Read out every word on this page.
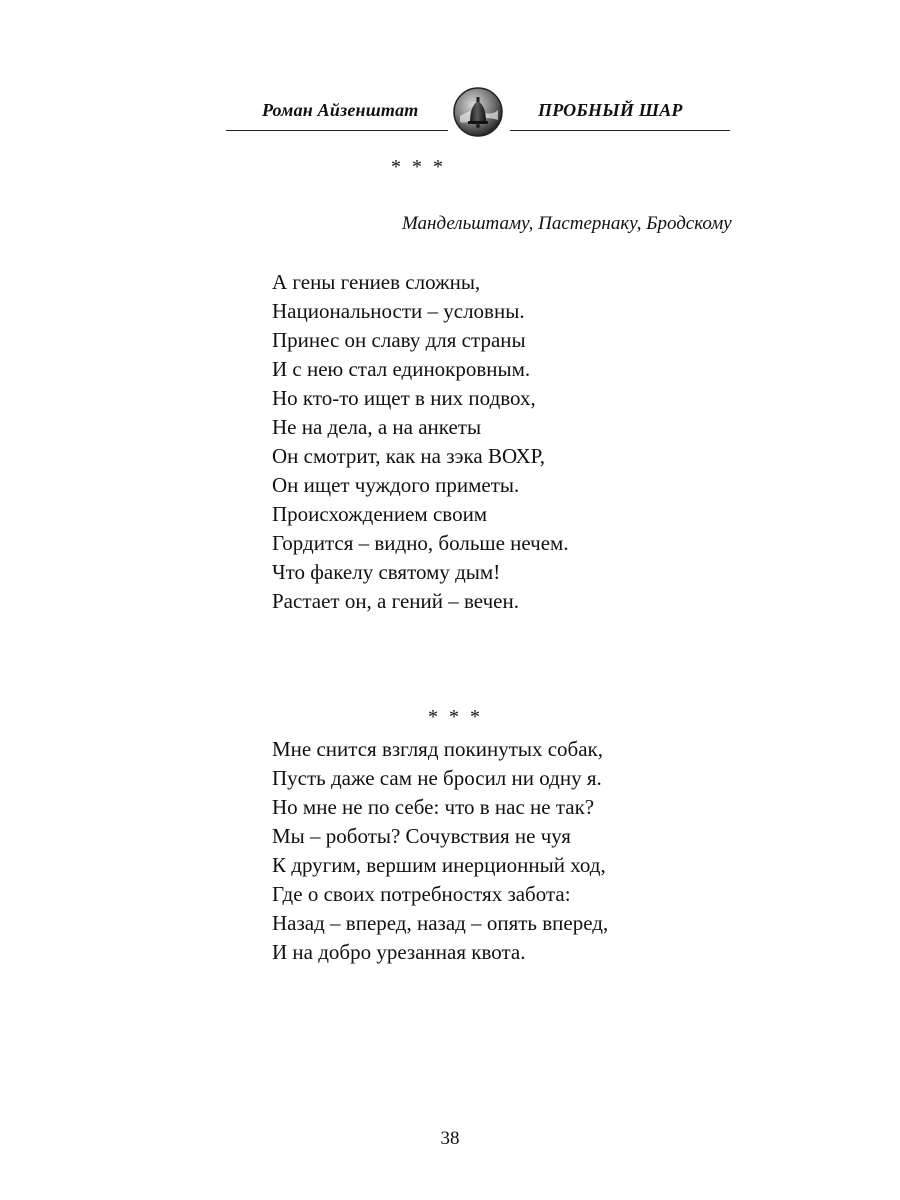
Роман Айзенштат	ПРОБНЫЙ ШАР
* * *
Мандельштаму, Пастернаку, Бродскому
А гены гениев сложны,
Национальности – условны.
Принес он славу для страны
И с нею стал единокровным.
Но кто-то ищет в них подвох,
Не на дела, а на анкеты
Он смотрит, как на зэка ВОХР,
Он ищет чуждого приметы.
Происхождением своим
Гордится – видно, больше нечем.
Что факелу святому дым!
Растает он, а гений – вечен.
* * *
Мне снится взгляд покинутых собак,
Пусть даже сам не бросил ни одну я.
Но мне не по себе: что в нас не так?
Мы – роботы? Сочувствия не чуя
К другим, вершим инерционный ход,
Где о своих потребностях забота:
Назад – вперед, назад – опять вперед,
И на добро урезанная квота.
38
